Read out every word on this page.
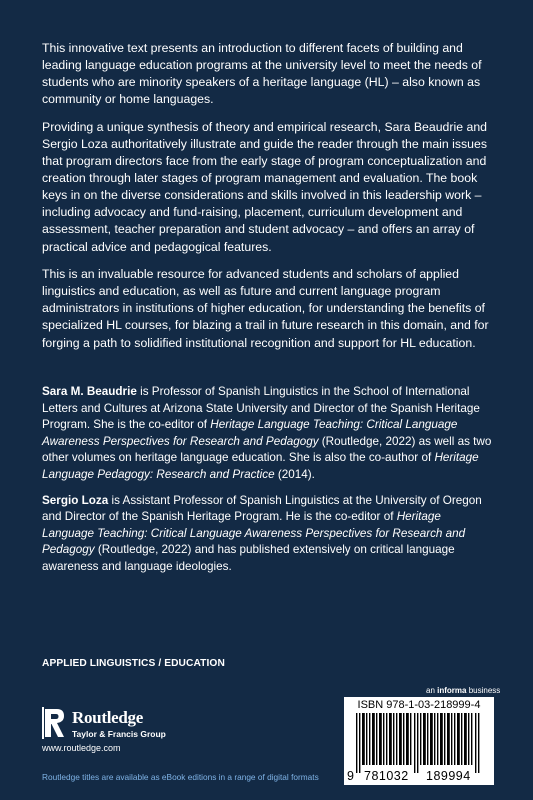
This innovative text presents an introduction to different facets of building and leading language education programs at the university level to meet the needs of students who are minority speakers of a heritage language (HL) – also known as community or home languages.

Providing a unique synthesis of theory and empirical research, Sara Beaudrie and Sergio Loza authoritatively illustrate and guide the reader through the main issues that program directors face from the early stage of program conceptualization and creation through later stages of program management and evaluation. The book keys in on the diverse considerations and skills involved in this leadership work – including advocacy and fund-raising, placement, curriculum development and assessment, teacher preparation and student advocacy – and offers an array of practical advice and pedagogical features.

This is an invaluable resource for advanced students and scholars of applied linguistics and education, as well as future and current language program administrators in institutions of higher education, for understanding the benefits of specialized HL courses, for blazing a trail in future research in this domain, and for forging a path to solidified institutional recognition and support for HL education.

Sara M. Beaudrie is Professor of Spanish Linguistics in the School of International Letters and Cultures at Arizona State University and Director of the Spanish Heritage Program. She is the co-editor of Heritage Language Teaching: Critical Language Awareness Perspectives for Research and Pedagogy (Routledge, 2022) as well as two other volumes on heritage language education. She is also the co-author of Heritage Language Pedagogy: Research and Practice (2014).

Sergio Loza is Assistant Professor of Spanish Linguistics at the University of Oregon and Director of the Spanish Heritage Program. He is the co-editor of Heritage Language Teaching: Critical Language Awareness Perspectives for Research and Pedagogy (Routledge, 2022) and has published extensively on critical language awareness and language ideologies.

APPLIED LINGUISTICS / EDUCATION
Routledge
Taylor & Francis Group
www.routledge.com
an informa business
ISBN 978-1-03-218999-4
9 781032 189994
Routledge titles are available as eBook editions in a range of digital formats
